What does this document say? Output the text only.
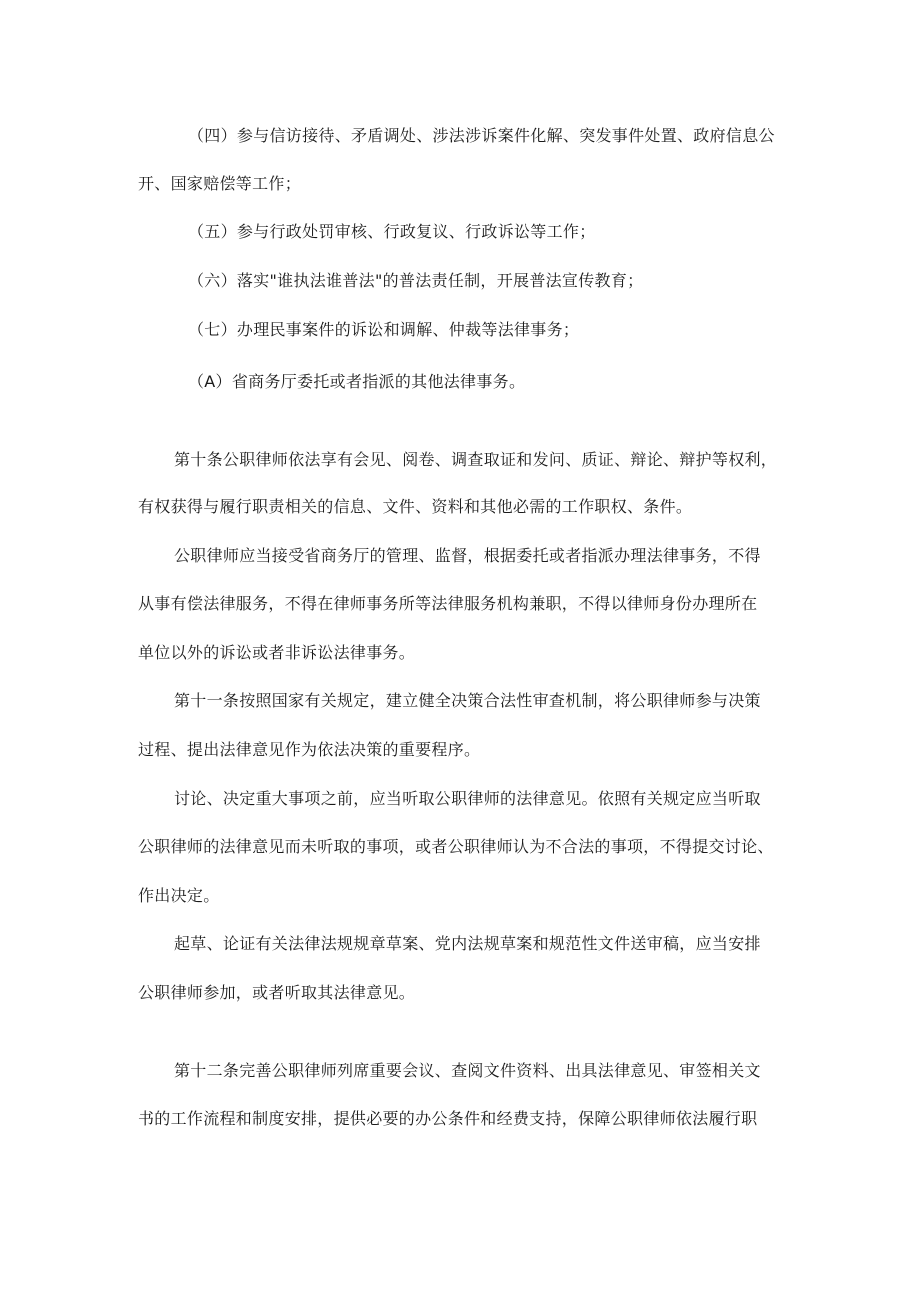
（四）参与信访接待、矛盾调处、涉法涉诉案件化解、突发事件处置、政府信息公
开、国家赔偿等工作；
（五）参与行政处罚审核、行政复议、行政诉讼等工作；
（六）落实"谁执法谁普法"的普法责任制，开展普法宣传教育；
（七）办理民事案件的诉讼和调解、仲裁等法律事务；
（A）省商务厅委托或者指派的其他法律事务。
第十条公职律师依法享有会见、阅卷、调查取证和发问、质证、辩论、辩护等权利，
有权获得与履行职责相关的信息、文件、资料和其他必需的工作职权、条件。
公职律师应当接受省商务厅的管理、监督，根据委托或者指派办理法律事务，不得
从事有偿法律服务，不得在律师事务所等法律服务机构兼职，不得以律师身份办理所在
单位以外的诉讼或者非诉讼法律事务。
第十一条按照国家有关规定，建立健全决策合法性审查机制，将公职律师参与决策
过程、提出法律意见作为依法决策的重要程序。
讨论、决定重大事项之前，应当听取公职律师的法律意见。依照有关规定应当听取
公职律师的法律意见而未听取的事项，或者公职律师认为不合法的事项，不得提交讨论、
作出决定。
起草、论证有关法律法规规章草案、党内法规草案和规范性文件送审稿，应当安排
公职律师参加，或者听取其法律意见。
第十二条完善公职律师列席重要会议、查阅文件资料、出具法律意见、审签相关文
书的工作流程和制度安排，提供必要的办公条件和经费支持，保障公职律师依法履行职
